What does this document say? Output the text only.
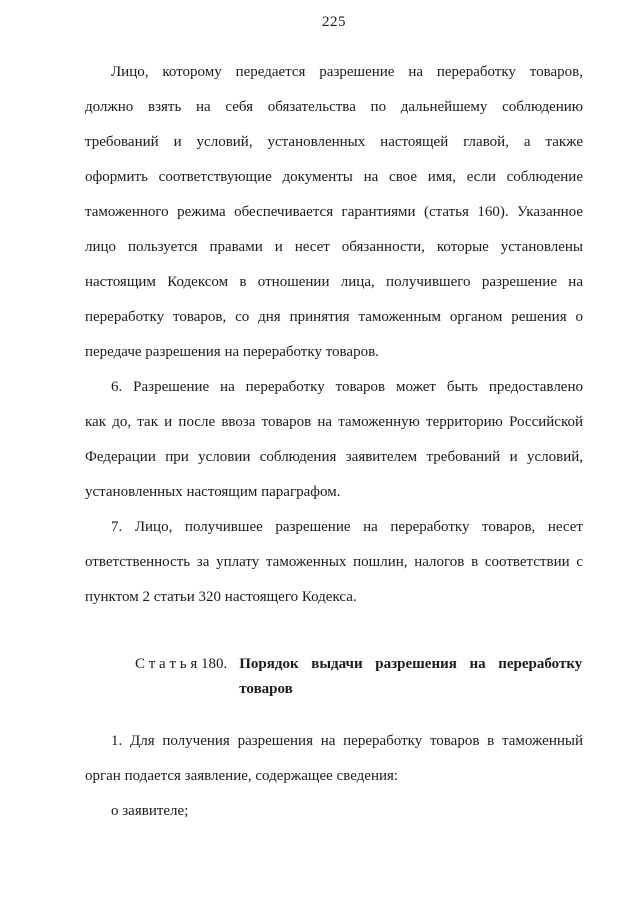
225
Лицо, которому передается разрешение на переработку товаров,
должно взять на себя обязательства по дальнейшему соблюдению
требований и условий, установленных настоящей главой, а также
оформить соответствующие документы на свое имя, если соблюдение
таможенного режима обеспечивается гарантиями (статья 160). Указанное
лицо пользуется правами и несет обязанности, которые установлены
настоящим Кодексом в отношении лица, получившего разрешение на
переработку товаров, со дня принятия таможенным органом решения о
передаче разрешения на переработку товаров.
6. Разрешение на переработку товаров может быть предоставлено
как до, так и после ввоза товаров на таможенную территорию Российской
Федерации при условии соблюдения заявителем требований и условий,
установленных настоящим параграфом.
7. Лицо, получившее разрешение на переработку товаров, несет
ответственность за уплату таможенных пошлин, налогов в соответствии с
пунктом 2 статьи 320 настоящего Кодекса.
С т а т ь я 180. Порядок выдачи разрешения на переработку
товаров
1. Для получения разрешения на переработку товаров в таможенный
орган подается заявление, содержащее сведения:
о заявителе;
